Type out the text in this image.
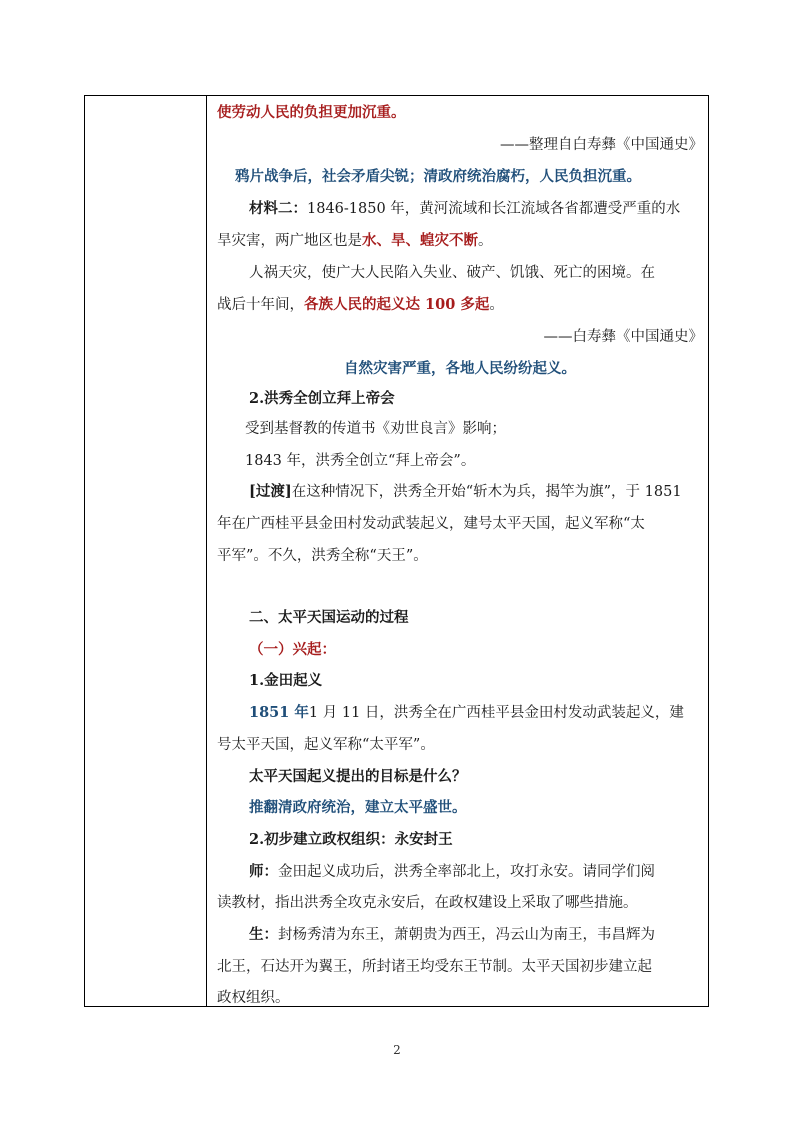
使劳动人民的负担更加沉重。
——整理自白寿彝《中国通史》
鸦片战争后，社会矛盾尖锐；清政府统治腐朽，人民负担沉重。
材料二：1846-1850 年，黄河流域和长江流域各省都遭受严重的水
旱灾害，两广地区也是水、旱、蝗灾不断。
人祸天灾，使广大人民陷入失业、破产、饥饿、死亡的困境。在
战后十年间，各族人民的起义达 100 多起。
——白寿彝《中国通史》
自然灾害严重，各地人民纷纷起义。
2.洪秀全创立拜上帝会
受到基督教的传道书《劝世良言》影响；
1843 年，洪秀全创立“拜上帝会”。
[过渡]在这种情况下，洪秀全开始“斩木为兵，揭竿为旗”，于 1851
年在广西桂平县金田村发动武装起义，建号太平天国，起义军称“太
平军”。不久，洪秀全称“天王”。
二、太平天国运动的过程
（一）兴起：
1.金田起义
1851 年1 月 11 日，洪秀全在广西桂平县金田村发动武装起义，建
号太平天国，起义军称“太平军”。
太平天国起义提出的目标是什么？
推翻清政府统治，建立太平盛世。
2.初步建立政权组织：永安封王
师：金田起义成功后，洪秀全率部北上，攻打永安。请同学们阅
读教材，指出洪秀全攻克永安后，在政权建设上采取了哪些措施。
生：封杨秀清为东王，萧朝贵为西王，冯云山为南王，韦昌辉为
北王，石达开为翼王，所封诸王均受东王节制。太平天国初步建立起
政权组织。
2
